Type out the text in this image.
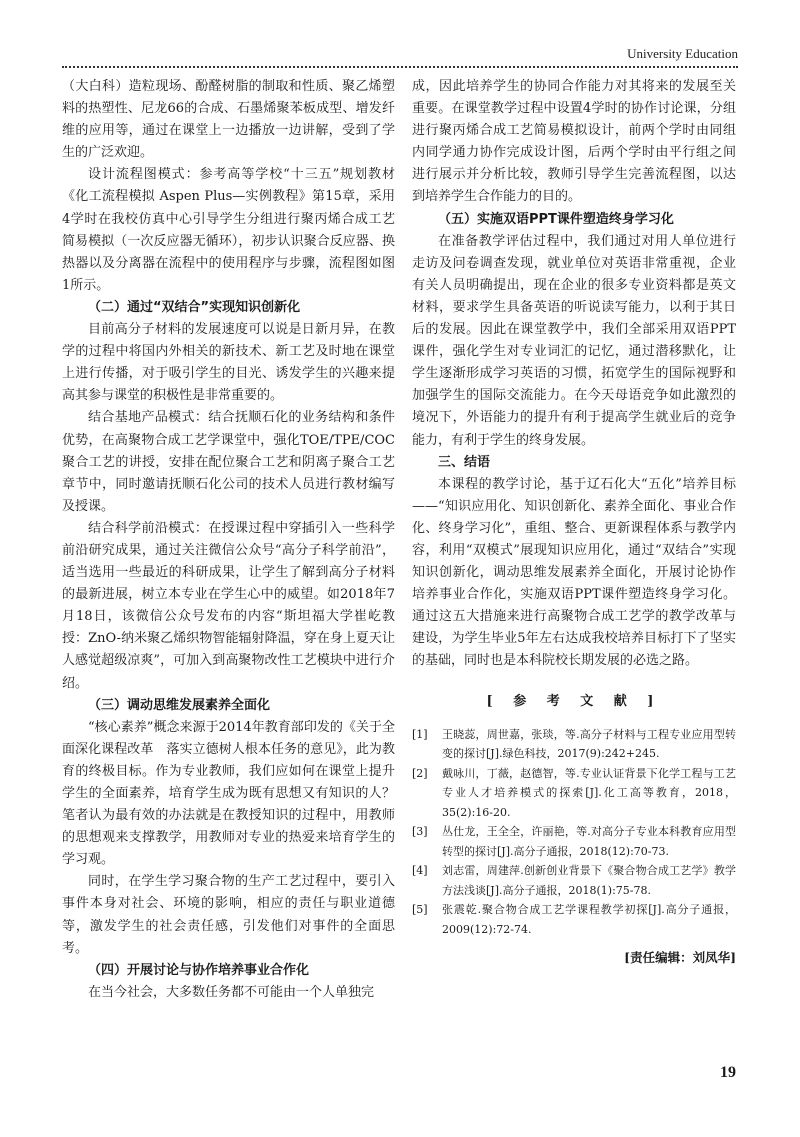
University Education

（大白科）造粒现场、酚醛树脂的制取和性质、聚乙烯塑料的热塑性、尼龙66的合成、石墨烯聚苯板成型、增发纤维的应用等，通过在课堂上一边播放一边讲解，受到了学生的广泛欢迎。

设计流程图模式：参考高等学校“十三五”规划教材《化工流程模拟 Aspen Plus—实例教程》第15章，采用4学时在我校仿真中心引导学生分组进行聚丙烯合成工艺简易模拟（一次反应器无循环），初步认识聚合反应器、换热器以及分离器在流程中的使用程序与步骤，流程图如图1所示。

（二）通过“双结合”实现知识创新化

目前高分子材料的发展速度可以说是日新月异，在教学的过程中将国内外相关的新技术、新工艺及时地在课堂上进行传播，对于吸引学生的目光、诱发学生的兴趣来提高其参与课堂的积极性是非常重要的。

结合基地产品模式：结合抚顺石化的业务结构和条件优势，在高聚物合成工艺学课堂中，强化TOE/TPE/COC聚合工艺的讲授，安排在配位聚合工艺和阴离子聚合工艺章节中，同时邀请抚顺石化公司的技术人员进行教材编写及授课。

结合科学前沿模式：在授课过程中穿插引入一些科学前沿研究成果，通过关注微信公众号“高分子科学前沿”，适当选用一些最近的科研成果，让学生了解到高分子材料的最新进展，树立本专业在学生心中的威望。如2018年7月18日，该微信公众号发布的内容“斯坦福大学崔屹教授：ZnO-纳米聚乙烯织物智能辐射降温，穿在身上夏天让人感觉超级凉爽”，可加入到高聚物改性工艺模块中进行介绍。

（三）调动思维发展素养全面化

“核心素养”概念来源于2014年教育部印发的《关于全面深化课程改革　落实立德树人根本任务的意见》，此为教育的终极目标。作为专业教师，我们应如何在课堂上提升学生的全面素养，培育学生成为既有思想又有知识的人？笔者认为最有效的办法就是在教授知识的过程中，用教师的思想观来支撑教学，用教师对专业的热爱来培育学生的学习观。

同时，在学生学习聚合物的生产工艺过程中，要引入事件本身对社会、环境的影响，相应的责任与职业道德等，激发学生的社会责任感，引发他们对事件的全面思考。

（四）开展讨论与协作培养事业合作化

在当今社会，大多数任务都不可能由一个人单独完

成，因此培养学生的协同合作能力对其将来的发展至关重要。在课堂教学过程中设置4学时的协作讨论课，分组进行聚丙烯合成工艺简易模拟设计，前两个学时由同组内同学通力协作完成设计图，后两个学时由平行组之间进行展示并分析比较，教师引导学生完善流程图，以达到培养学生合作能力的目的。

（五）实施双语PPT课件塑造终身学习化

在准备教学评估过程中，我们通过对用人单位进行走访及问卷调查发现，就业单位对英语非常重视，企业有关人员明确提出，现在企业的很多专业资料都是英文材料，要求学生具备英语的听说读写能力，以利于其日后的发展。因此在课堂教学中，我们全部采用双语PPT课件，强化学生对专业词汇的记忆，通过潜移默化，让学生逐渐形成学习英语的习惯，拓宽学生的国际视野和加强学生的国际交流能力。在今天母语竞争如此激烈的境况下，外语能力的提升有利于提高学生就业后的竞争能力，有利于学生的终身发展。

三、结语

本课程的教学讨论，基于辽石化大“五化”培养目标——“知识应用化、知识创新化、素养全面化、事业合作化、终身学习化”，重组、整合、更新课程体系与教学内容，利用“双模式”展现知识应用化，通过“双结合”实现知识创新化，调动思维发展素养全面化，开展讨论协作培养事业合作化，实施双语PPT课件塑造终身学习化。通过这五大措施来进行高聚物合成工艺学的教学改革与建设，为学生毕业5年左右达成我校培养目标打下了坚实的基础，同时也是本科院校长期发展的必选之路。

[ 参 考 文 献 ]
[1]	王晓蕊，周世嘉，张琰，等.高分子材料与工程专业应用型转变的探讨[J].绿色科技，2017(9):242+245.
[2]	戴咏川，丁薇，赵德智，等.专业认证背景下化学工程与工艺专业人才培养模式的探索[J].化工高等教育，2018，35(2):16-20.
[3]	丛仕龙，王全全，许丽艳，等.对高分子专业本科教育应用型转型的探讨[J].高分子通报，2018(12):70-73.
[4]	刘志雷，周建萍.创新创业背景下《聚合物合成工艺学》教学方法浅谈[J].高分子通报，2018(1):75-78.
[5]	张震乾.聚合物合成工艺学课程教学初探[J].高分子通报，2009(12):72-74.
[责任编辑：刘凤华]
19
